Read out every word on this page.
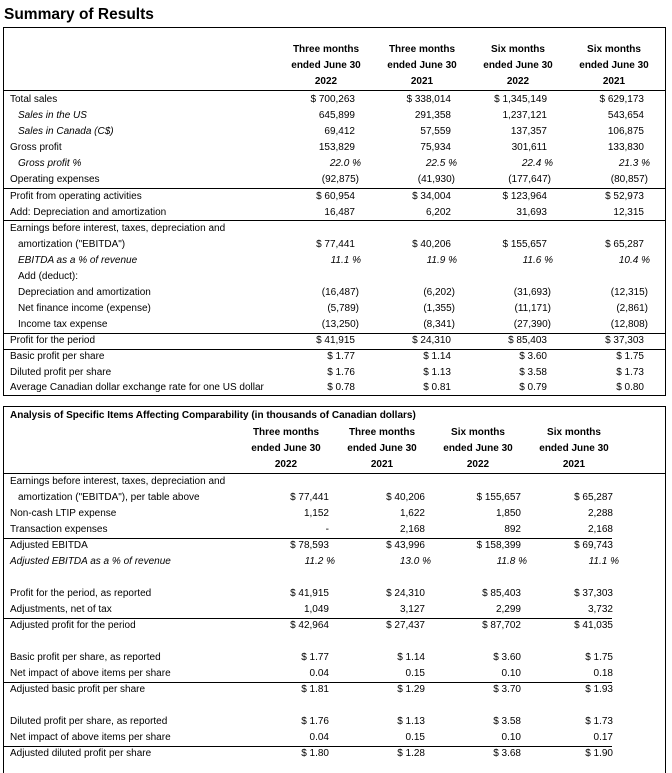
Summary of Results
Three months
ended June 30
2022
Three months
ended June 30
2021
Six months
ended June 30
2022
Six months
ended June 30
2021
Total sales	$ 700,263	$ 338,014	$ 1,345,149	$ 629,173
Sales in the US	645,899	291,358	1,237,121	543,654
Sales in Canada (C$)	69,412	57,559	137,357	106,875
Gross profit	153,829	75,934	301,611	133,830
Gross profit %	22.0 %	22.5 %	22.4 %	21.3 %
Operating expenses	(92,875)	(41,930)	(177,647)	(80,857)
Profit from operating activities	$ 60,954	$ 34,004	$ 123,964	$ 52,973
Add: Depreciation and amortization	16,487	6,202	31,693	12,315
Earnings before interest, taxes, depreciation and
amortization ("EBITDA")	$ 77,441	$ 40,206	$ 155,657	$ 65,287
EBITDA as a % of revenue	11.1 %	11.9 %	11.6 %	10.4 %
Add (deduct):
Depreciation and amortization	(16,487)	(6,202)	(31,693)	(12,315)
Net finance income (expense)	(5,789)	(1,355)	(11,171)	(2,861)
Income tax expense	(13,250)	(8,341)	(27,390)	(12,808)
Profit for the period	$ 41,915	$ 24,310	$ 85,403	$ 37,303
Basic profit per share	$ 1.77	$ 1.14	$ 3.60	$ 1.75
Diluted profit per share	$ 1.76	$ 1.13	$ 3.58	$ 1.73
Average Canadian dollar exchange rate for one US dollar	$ 0.78	$ 0.81	$ 0.79	$ 0.80
Analysis of Specific Items Affecting Comparability (in thousands of Canadian dollars)
Three months
ended June 30
2022
Three months
ended June 30
2021
Six months
ended June 30
2022
Six months
ended June 30
2021
Earnings before interest, taxes, depreciation and
amortization ("EBITDA"), per table above	$ 77,441	$ 40,206	$ 155,657	$ 65,287
Non-cash LTIP expense	1,152	1,622	1,850	2,288
Transaction expenses	-	2,168	892	2,168
Adjusted EBITDA	$ 78,593	$ 43,996	$ 158,399	$ 69,743
Adjusted EBITDA as a % of revenue	11.2 %	13.0 %	11.8 %	11.1 %
Profit for the period, as reported	$ 41,915	$ 24,310	$ 85,403	$ 37,303
Adjustments, net of tax	1,049	3,127	2,299	3,732
Adjusted profit for the period	$ 42,964	$ 27,437	$ 87,702	$ 41,035
Basic profit per share, as reported	$ 1.77	$ 1.14	$ 3.60	$ 1.75
Net impact of above items per share	0.04	0.15	0.10	0.18
Adjusted basic profit per share	$ 1.81	$ 1.29	$ 3.70	$ 1.93
Diluted profit per share, as reported	$ 1.76	$ 1.13	$ 3.58	$ 1.73
Net impact of above items per share	0.04	0.15	0.10	0.17
Adjusted diluted profit per share	$ 1.80	$ 1.28	$ 3.68	$ 1.90
